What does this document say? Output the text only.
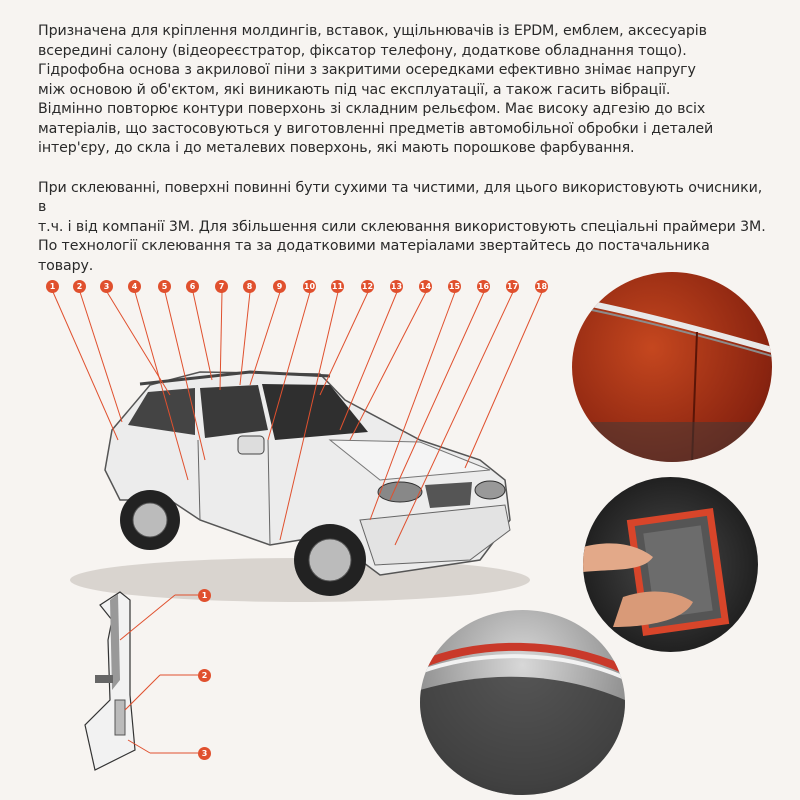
Призначена для кріплення молдингів, вставок, ущільнювачів із EPDM, емблем, аксесуарів
всередині салону (відеореєстратор, фіксатор телефону, додаткове обладнання тощо).
Гідрофобна основа з акрилової піни з закритими осередками ефективно знімає напругу
між основою й об'єктом, які виникають під час експлуатації, а також гасить вібрації.
Відмінно повторює контури поверхонь зі складним рельєфом. Має високу адгезію до всіх
матеріалів, що застосовуються у виготовленні предметів автомобільної обробки і деталей
інтер'єру, до скла і до металевих поверхонь, які мають порошкове фарбування.

При склеюванні, поверхні повинні бути сухими та чистими, для цього використовують очисники, в
т.ч. і від компанії 3M. Для збільшення сили склеювання використовують спеціальні праймери 3M.
По технології склеювання та за додатковими матеріалами звертайтесь до постачальника товару.

1	2	3	4	5	6	7	8	9	10 11 12 13 14 15 16 17 18
1
2
3
